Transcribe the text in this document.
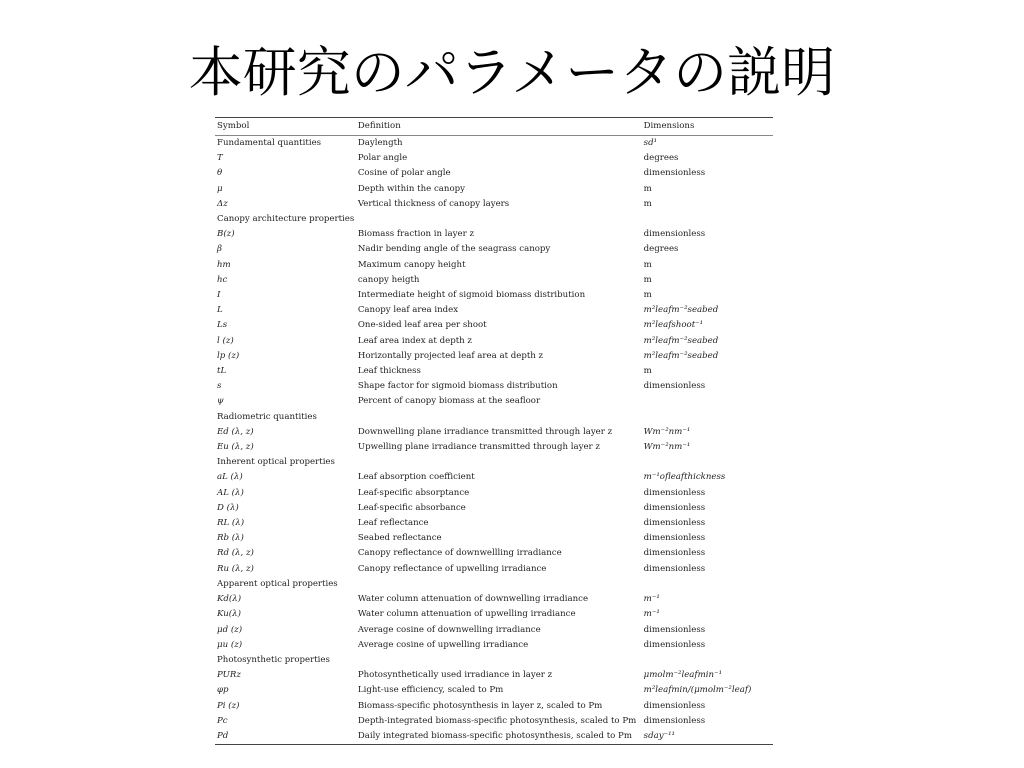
本研究のパラメータの説明
Symbol	Definition	Dimensions
Fundamental quantities	Daylength	sd¹
T	Polar angle	degrees
θ	Cosine of polar angle	dimensionless
μ	Depth within the canopy	m
Δz	Vertical thickness of canopy layers	m
Canopy architecture properties		
B(z)	Biomass fraction in layer z	dimensionless
β	Nadir bending angle of the seagrass canopy	degrees
hm	Maximum canopy height	m
hc	canopy heigth	m
I	Intermediate height of sigmoid biomass distribution	m
L	Canopy leaf area index	m²leafm⁻²seabed
Ls	One-sided leaf area per shoot	m²leafshoot⁻¹
l (z)	Leaf area index at depth z	m²leafm⁻²seabed
lp (z)	Horizontally projected leaf area at depth z	m²leafm⁻²seabed
tL	Leaf thickness	m
s	Shape factor for sigmoid biomass distribution	dimensionless
ψ	Percent of canopy biomass at the seafloor	
Radiometric quantities		
Ed (λ, z)	Downwelling plane irradiance transmitted through layer z	Wm⁻²nm⁻¹
Eu (λ, z)	Upwelling plane irradiance transmitted through layer z	Wm⁻²nm⁻¹
Inherent optical properties		
aL (λ)	Leaf absorption coefficient	m⁻¹ofleafthickness
AL (λ)	Leaf-specific absorptance	dimensionless
D (λ)	Leaf-specific absorbance	dimensionless
RL (λ)	Leaf reflectance	dimensionless
Rb (λ)	Seabed reflectance	dimensionless
Rd (λ, z)	Canopy reflectance of downwellling irradiance	dimensionless
Ru (λ, z)	Canopy reflectance of upwelling irradiance	dimensionless
Apparent optical properties		
Kd(λ)	Water column attenuation of downwelling irradiance	m⁻¹
Ku(λ)	Water column attenuation of upwelling irradiance	m⁻¹
μd (z)	Average cosine of downwelling irradiance	dimensionless
μu (z)	Average cosine of upwelling irradiance	dimensionless
Photosynthetic properties		
PURz	Photosynthetically used irradiance in layer z	μmolm⁻²leafmin⁻¹
φp	Light-use efficiency, scaled to Pm	m²leafmin/(μmolm⁻²leaf)
Pi (z)	Biomass-specific photosynthesis in layer z, scaled to Pm	dimensionless
Pc	Depth-integrated biomass-specific photosynthesis, scaled to Pm	dimensionless
Pd	Daily integrated biomass-specific photosynthesis, scaled to Pm	sday⁻¹¹
